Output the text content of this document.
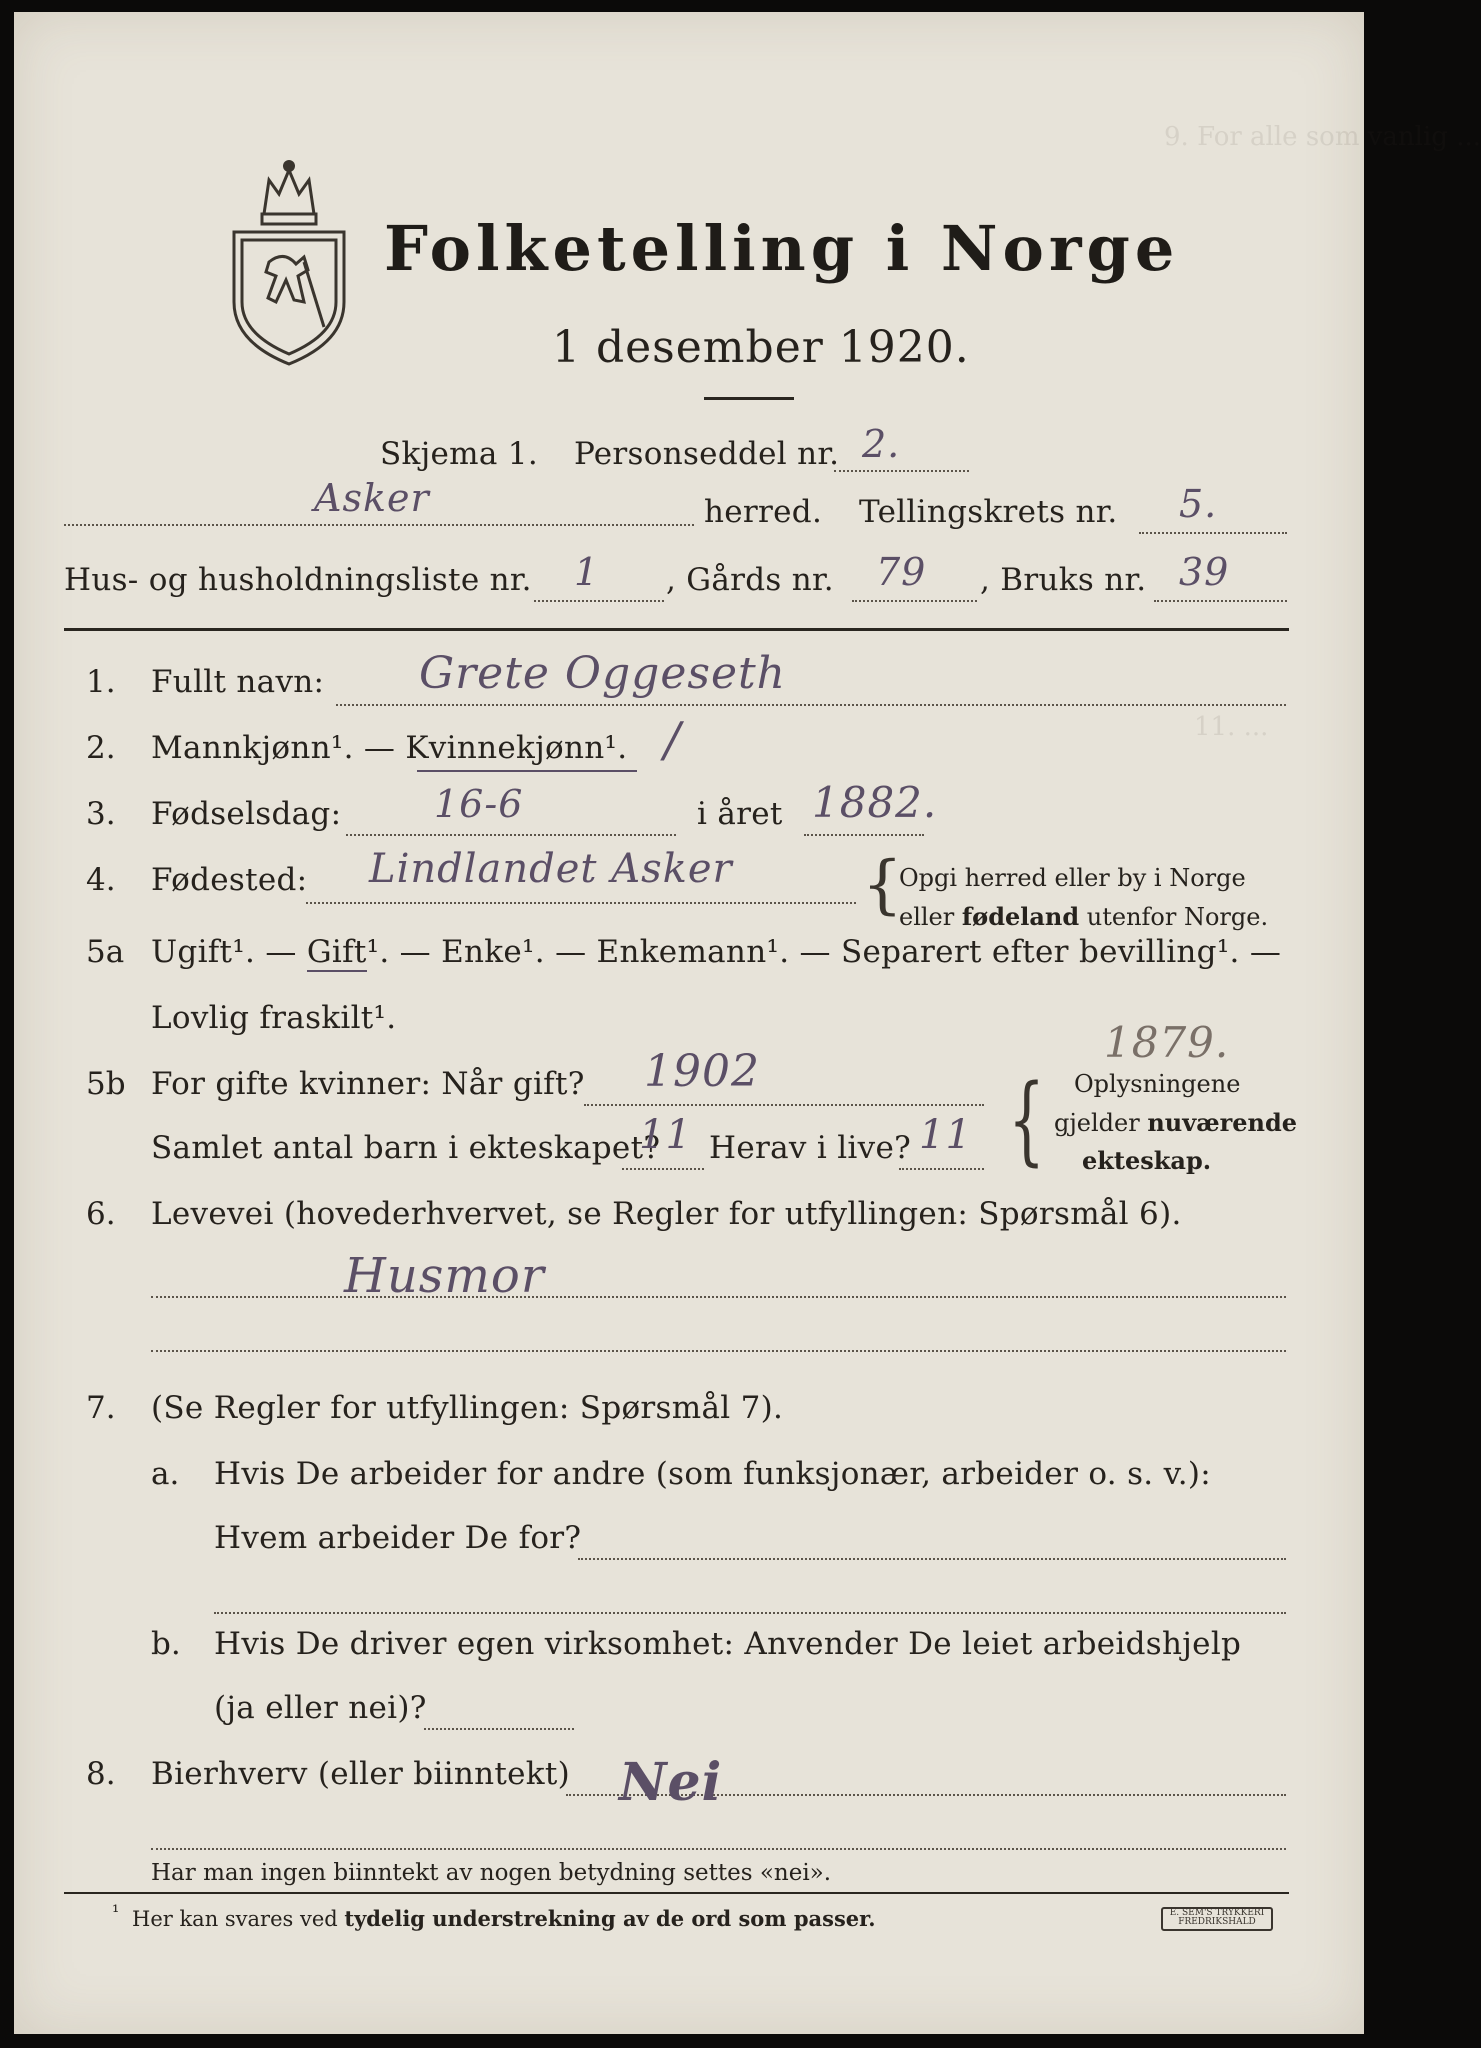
9. For alle som vanlig ...
11. ...
Folketelling i Norge
1 desember 1920.
Skjema 1. Personseddel nr. 2.
Asker	herred. Tellingskrets nr. 5.
Hus- og husholdningsliste nr. 1 , Gårds nr. 79 , Bruks nr. 39
1. Fullt navn: Grete Oggeseth
2. Mannkjønn¹. — Kvinnekjønn¹. /
3. Fødselsdag: 16-6	i året 1882.
4. Fødested: Lindlandet Asker {
Opgi herred eller by i Norge
eller fødeland utenfor Norge.
5a Ugift¹. — Gift¹. — Enke¹. — Enkemann¹. — Separert efter bevilling¹. —
Lovlig fraskilt¹.
5b For gifte kvinner: Når gift? 1902
1879.
Samlet antal barn i ekteskapet?
11 Herav i live? 11 { Oplysningene
gjelder nuværende
ekteskap.
6. Levevei (hovederhvervet, se Regler for utfyllingen: Spørsmål 6).
Husmor
7. (Se Regler for utfyllingen: Spørsmål 7).
a. Hvis De arbeider for andre (som funksjonær, arbeider o. s. v.):
Hvem arbeider De for?
b. Hvis De driver egen virksomhet: Anvender De leiet arbeidshjelp
(ja eller nei)?
8. Bierhverv (eller biinntekt) Nei
Har man ingen biinntekt av nogen betydning settes «nei».
¹ Her kan svares ved tydelig understrekning av de ord som passer.	E. SEM'S TRYKKERI
FREDRIKSHALD
